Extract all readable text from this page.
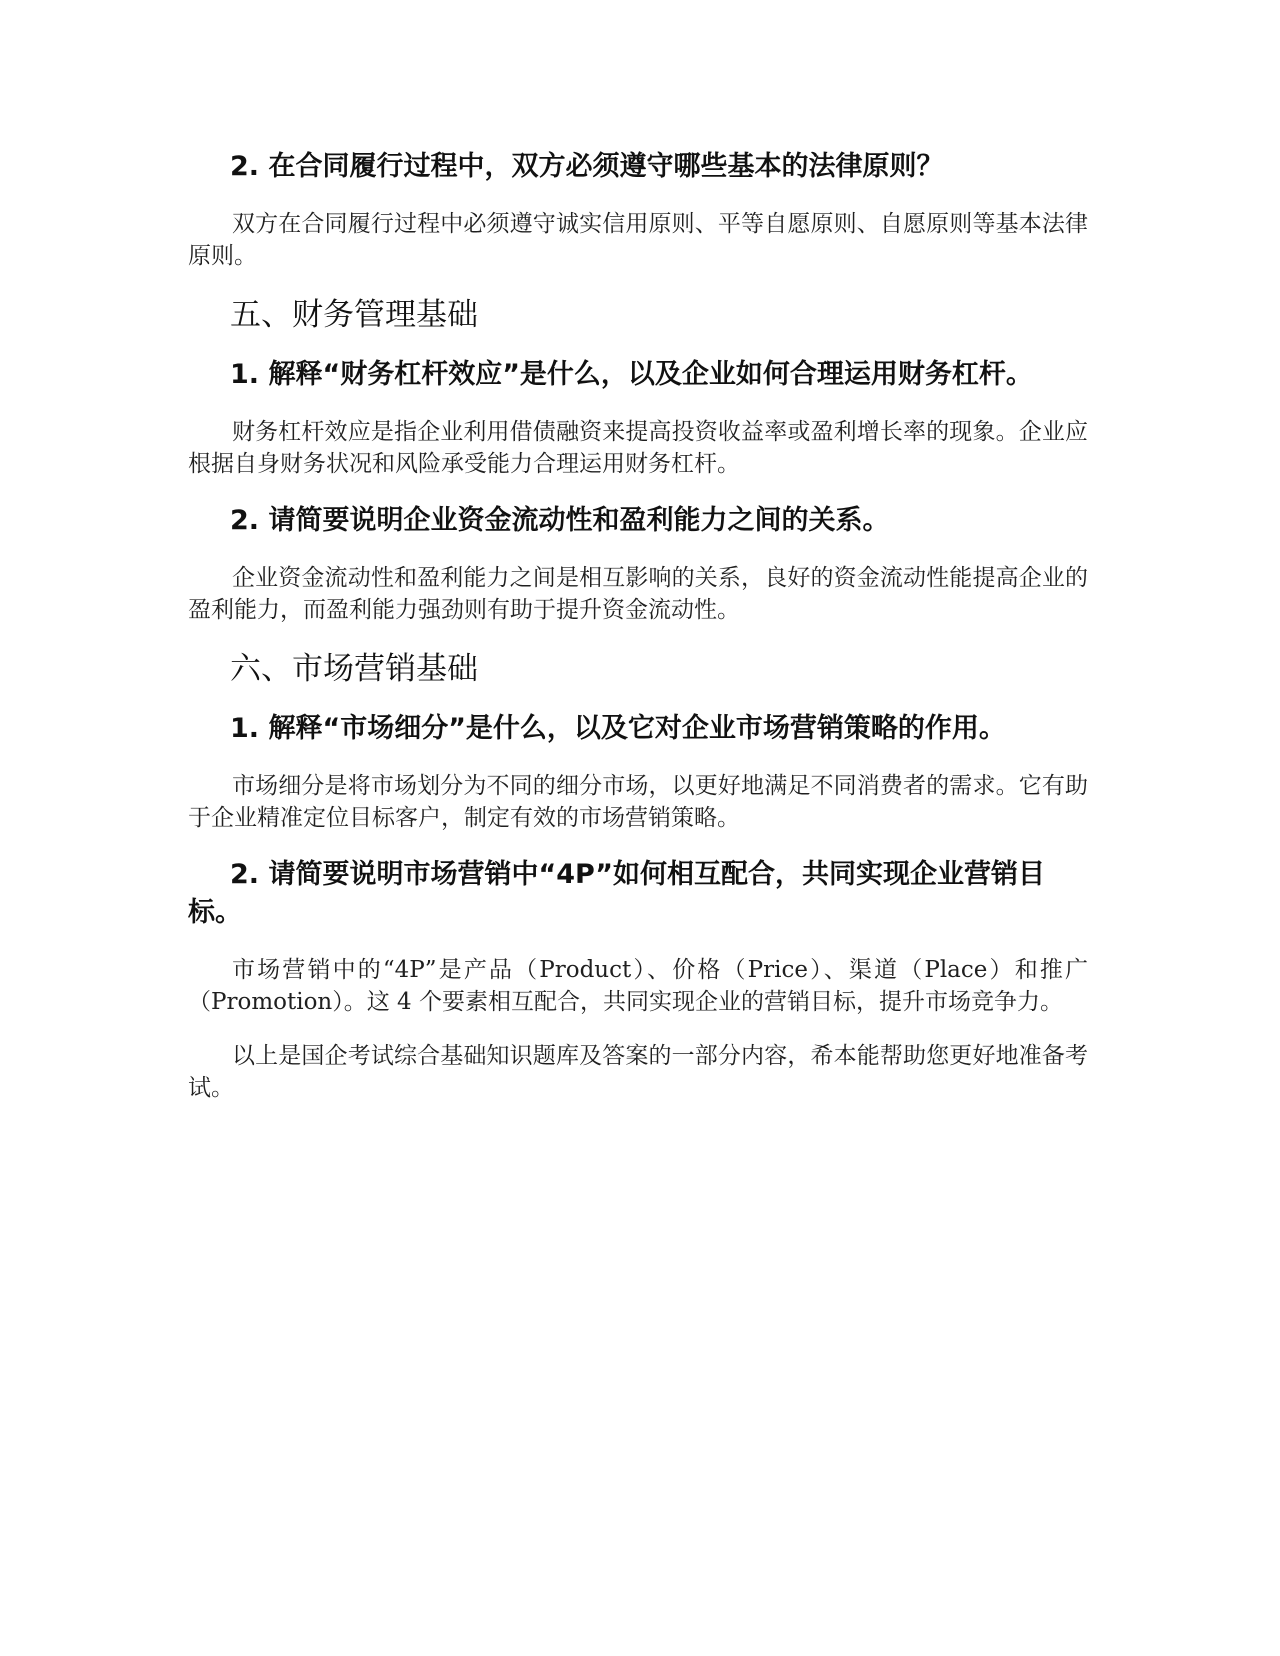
2. 在合同履行过程中，双方必须遵守哪些基本的法律原则？

双方在合同履行过程中必须遵守诚实信用原则、平等自愿原则、自愿原则等基本法律原则。

五、财务管理基础

1. 解释“财务杠杆效应”是什么，以及企业如何合理运用财务杠杆。

财务杠杆效应是指企业利用借债融资来提高投资收益率或盈利增长率的现象。企业应根据自身财务状况和风险承受能力合理运用财务杠杆。

2. 请简要说明企业资金流动性和盈利能力之间的关系。

企业资金流动性和盈利能力之间是相互影响的关系，良好的资金流动性能提高企业的盈利能力，而盈利能力强劲则有助于提升资金流动性。

六、市场营销基础

1. 解释“市场细分”是什么，以及它对企业市场营销策略的作用。

市场细分是将市场划分为不同的细分市场，以更好地满足不同消费者的需求。它有助于企业精准定位目标客户，制定有效的市场营销策略。

2. 请简要说明市场营销中“4P”如何相互配合，共同实现企业营销目标。

市场营销中的“4P”是产品（Product）、价格（Price）、渠道（Place）和推广（Promotion）。这 4 个要素相互配合，共同实现企业的营销目标，提升市场竞争力。

以上是国企考试综合基础知识题库及答案的一部分内容，希本能帮助您更好地准备考试。
